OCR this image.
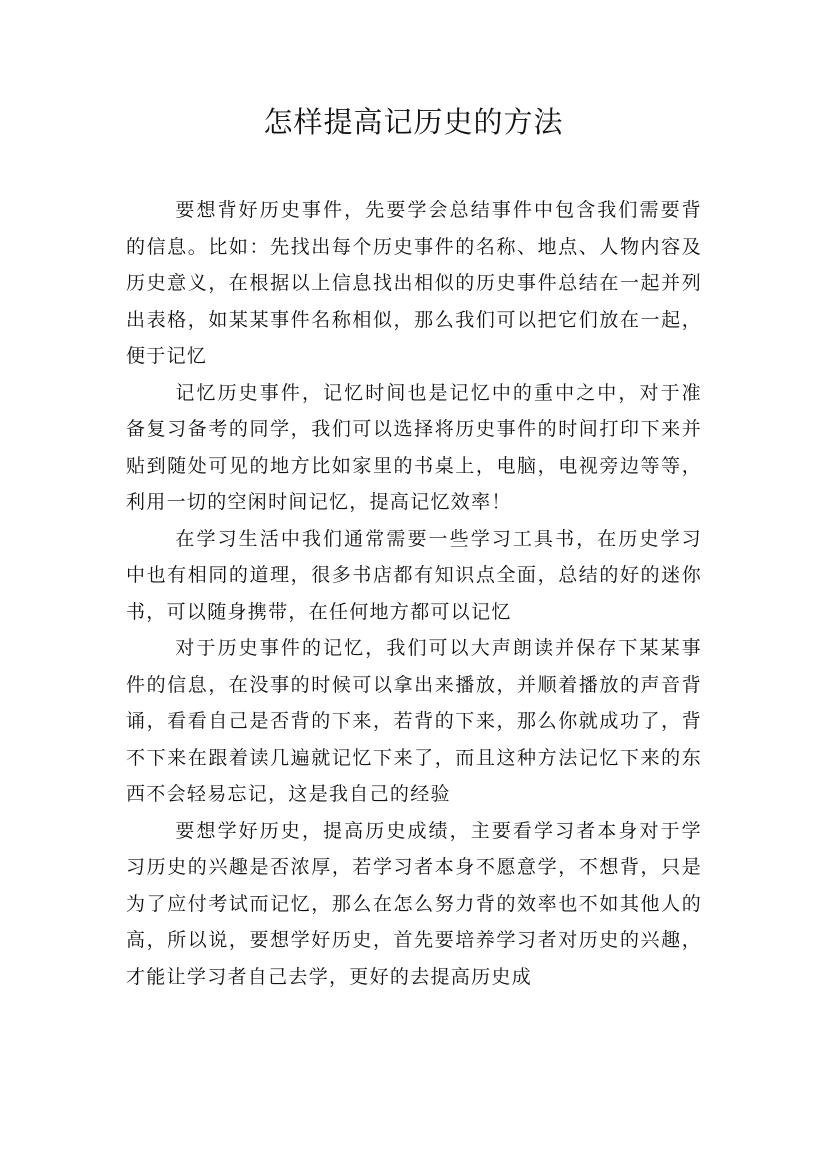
怎样提高记历史的方法

要想背好历史事件，先要学会总结事件中包含我们需要背的信息。比如：先找出每个历史事件的名称、地点、人物内容及历史意义，在根据以上信息找出相似的历史事件总结在一起并列出表格，如某某事件名称相似，那么我们可以把它们放在一起，便于记忆

记忆历史事件，记忆时间也是记忆中的重中之中，对于准备复习备考的同学，我们可以选择将历史事件的时间打印下来并贴到随处可见的地方比如家里的书桌上，电脑，电视旁边等等，利用一切的空闲时间记忆，提高记忆效率！

在学习生活中我们通常需要一些学习工具书，在历史学习中也有相同的道理，很多书店都有知识点全面，总结的好的迷你书，可以随身携带，在任何地方都可以记忆

对于历史事件的记忆，我们可以大声朗读并保存下某某事件的信息，在没事的时候可以拿出来播放，并顺着播放的声音背诵，看看自己是否背的下来，若背的下来，那么你就成功了，背不下来在跟着读几遍就记忆下来了，而且这种方法记忆下来的东西不会轻易忘记，这是我自己的经验

要想学好历史，提高历史成绩，主要看学习者本身对于学习历史的兴趣是否浓厚，若学习者本身不愿意学，不想背，只是为了应付考试而记忆，那么在怎么努力背的效率也不如其他人的高，所以说，要想学好历史，首先要培养学习者对历史的兴趣，才能让学习者自己去学，更好的去提高历史成
